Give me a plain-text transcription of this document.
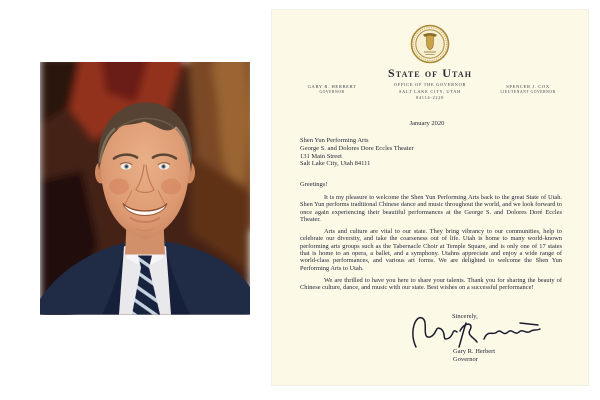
State of Utah
OFFICE OF THE GOVERNOR
SALT LAKE CITY, UTAH
84114-2220
GARY R. HERBERT
GOVERNOR
SPENCER J. COX
LIEUTENANT GOVERNOR
January 2020
Shen Yun Performing Arts
George S. and Dolores Dore Eccles Theater
131 Main Street
Salt Lake City, Utah 84111
Greetings!

It is my pleasure to welcome the Shen Yun Performing Arts back to the great State of Utah. Shen Yun performs traditional Chinese dance and music throughout the world, and we look forward to once again experiencing their beautiful performances at the George S. and Dolores Doré Eccles Theater.

Arts and culture are vital to our state. They bring vibrancy to our communities, help to celebrate our diversity, and take the coarseness out of life. Utah is home to many world-known performing arts groups such as the Tabernacle Choir at Temple Square, and is only one of 17 states that is home to an opera, a ballet, and a symphony. Utahns appreciate and enjoy a wide range of world-class performances, and various art forms. We are delighted to welcome the Shen Yun Performing Arts to Utah.

We are thrilled to have you here to share your talents. Thank you for sharing the beauty of Chinese culture, dance, and music with our state. Best wishes on a successful performance!

Sincerely,
Gary R. Herbert
Governor
